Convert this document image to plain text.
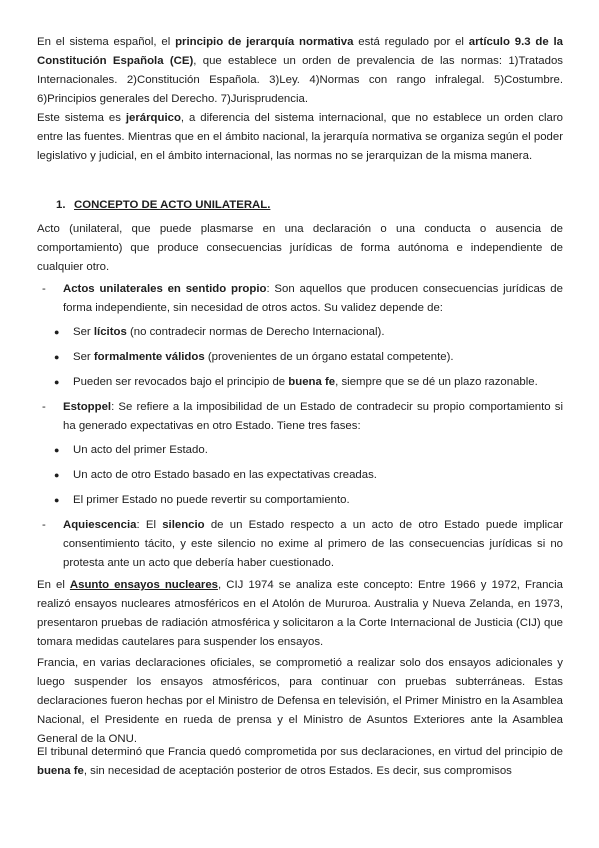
En el sistema español, el principio de jerarquía normativa está regulado por el artículo 9.3 de la Constitución Española (CE), que establece un orden de prevalencia de las normas: 1)Tratados Internacionales. 2)Constitución Española. 3)Ley. 4)Normas con rango infralegal. 5)Costumbre. 6)Principios generales del Derecho. 7)Jurisprudencia.

Este sistema es jerárquico, a diferencia del sistema internacional, que no establece un orden claro entre las fuentes. Mientras que en el ámbito nacional, la jerarquía normativa se organiza según el poder legislativo y judicial, en el ámbito internacional, las normas no se jerarquizan de la misma manera.

1. CONCEPTO DE ACTO UNILATERAL.

Acto (unilateral, que puede plasmarse en una declaración o una conducta o ausencia de comportamiento) que produce consecuencias jurídicas de forma autónoma e independiente de cualquier otro.

- Actos unilaterales en sentido propio: Son aquellos que producen consecuencias jurídicas de forma independiente, sin necesidad de otros actos. Su validez depende de:

● Ser lícitos (no contradecir normas de Derecho Internacional).

● Ser formalmente válidos (provenientes de un órgano estatal competente).

● Pueden ser revocados bajo el principio de buena fe, siempre que se dé un plazo razonable.

- Estoppel: Se refiere a la imposibilidad de un Estado de contradecir su propio comportamiento si ha generado expectativas en otro Estado. Tiene tres fases:

● Un acto del primer Estado.

● Un acto de otro Estado basado en las expectativas creadas.

● El primer Estado no puede revertir su comportamiento.

- Aquiescencia: El silencio de un Estado respecto a un acto de otro Estado puede implicar consentimiento tácito, y este silencio no exime al primero de las consecuencias jurídicas si no protesta ante un acto que debería haber cuestionado.

En el Asunto ensayos nucleares, CIJ 1974 se analiza este concepto: Entre 1966 y 1972, Francia realizó ensayos nucleares atmosféricos en el Atolón de Mururoa. Australia y Nueva Zelanda, en 1973, presentaron pruebas de radiación atmosférica y solicitaron a la Corte Internacional de Justicia (CIJ) que tomara medidas cautelares para suspender los ensayos.

Francia, en varias declaraciones oficiales, se comprometió a realizar solo dos ensayos adicionales y luego suspender los ensayos atmosféricos, para continuar con pruebas subterráneas. Estas declaraciones fueron hechas por el Ministro de Defensa en televisión, el Primer Ministro en la Asamblea Nacional, el Presidente en rueda de prensa y el Ministro de Asuntos Exteriores ante la Asamblea General de la ONU.

El tribunal determinó que Francia quedó comprometida por sus declaraciones, en virtud del principio de buena fe, sin necesidad de aceptación posterior de otros Estados. Es decir, sus compromisos
